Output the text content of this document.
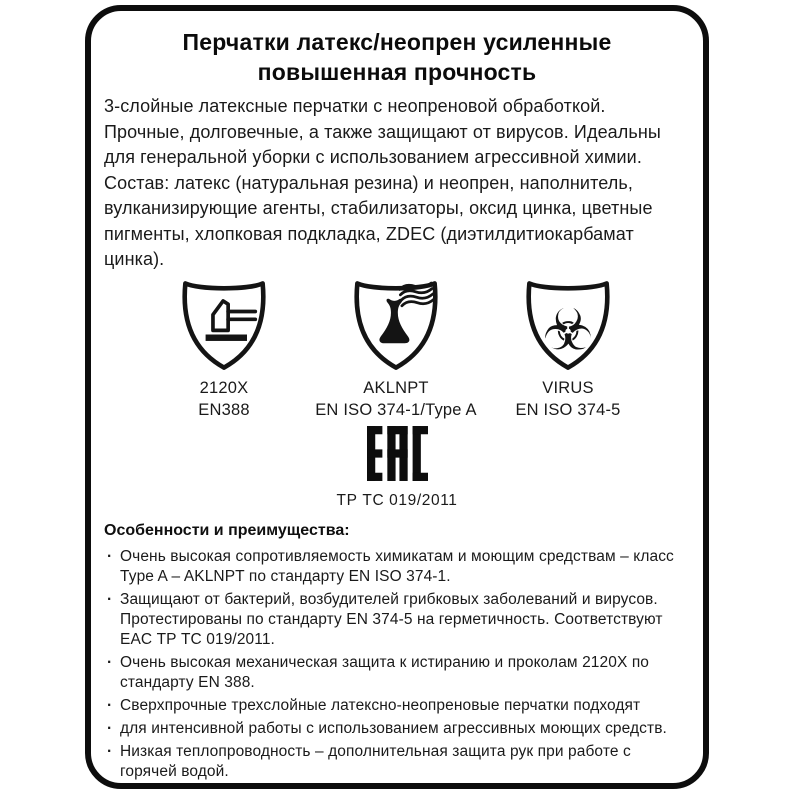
Перчатки латекс/неопрен усиленные
повышенная прочность

3-слойные латексные перчатки с неопреновой обработкой. Прочные, долговечные, а также защищают от вирусов. Идеальны для генеральной уборки с использованием агрессивной химии. Состав: латекс (натуральная резина) и неопрен, наполнитель, вулканизирующие агенты, стабилизаторы, оксид цинка, цветные пигменты, хлопковая подкладка, ZDEC (диэтилдитиокарбамат цинка).

2120X
EN388
AKLNPT
EN ISO 374-1/Type A
☣
VIRUS
EN ISO 374-5
ТР ТС 019/2011
Особенности и преимущества:
· Очень высокая сопротивляемость химикатам и моющим средствам – класс Type A – AKLNPT по стандарту EN ISO 374-1.
· Защищают от бактерий, возбудителей грибковых заболеваний и вирусов. Протестированы по стандарту EN 374-5 на герметичность. Соответствуют EAC ТР ТС 019/2011.
· Очень высокая механическая защита к истиранию и проколам 2120X по стандарту EN 388.
· Сверхпрочные трехслойные латексно-неопреновые перчатки подходят
· для интенсивной работы с использованием агрессивных моющих средств.
· Низкая теплопроводность – дополнительная защита рук при работе с горячей водой.
